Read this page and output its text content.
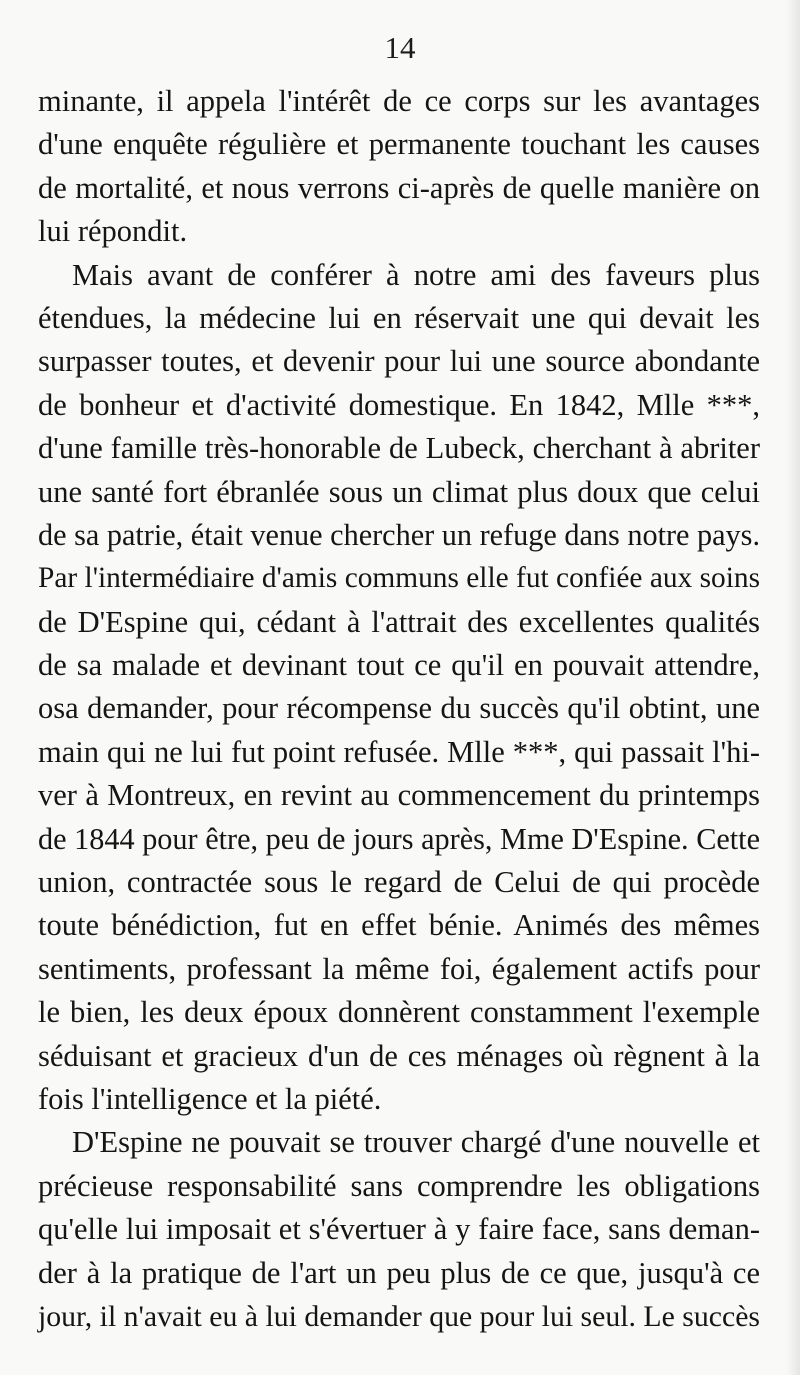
14

minante, il appela l'intérêt de ce corps sur les avantages
d'une enquête régulière et permanente touchant les causes
de mortalité, et nous verrons ci-après de quelle manière on
lui répondit.

Mais avant de conférer à notre ami des faveurs plus
étendues, la médecine lui en réservait une qui devait les
surpasser toutes, et devenir pour lui une source abondante
de bonheur et d'activité domestique. En 1842, Mlle ***,
d'une famille très-honorable de Lubeck, cherchant à abriter
une santé fort ébranlée sous un climat plus doux que celui
de sa patrie, était venue chercher un refuge dans notre pays.
Par l'intermédiaire d'amis communs elle fut confiée aux soins
de D'Espine qui, cédant à l'attrait des excellentes qualités
de sa malade et devinant tout ce qu'il en pouvait attendre,
osa demander, pour récompense du succès qu'il obtint, une
main qui ne lui fut point refusée. Mlle ***, qui passait l'hi-
ver à Montreux, en revint au commencement du printemps
de 1844 pour être, peu de jours après, Mme D'Espine. Cette
union, contractée sous le regard de Celui de qui procède
toute bénédiction, fut en effet bénie. Animés des mêmes
sentiments, professant la même foi, également actifs pour
le bien, les deux époux donnèrent constamment l'exemple
séduisant et gracieux d'un de ces ménages où règnent à la
fois l'intelligence et la piété.

D'Espine ne pouvait se trouver chargé d'une nouvelle et
précieuse responsabilité sans comprendre les obligations
qu'elle lui imposait et s'évertuer à y faire face, sans deman-
der à la pratique de l'art un peu plus de ce que, jusqu'à ce
jour, il n'avait eu à lui demander que pour lui seul. Le succès
